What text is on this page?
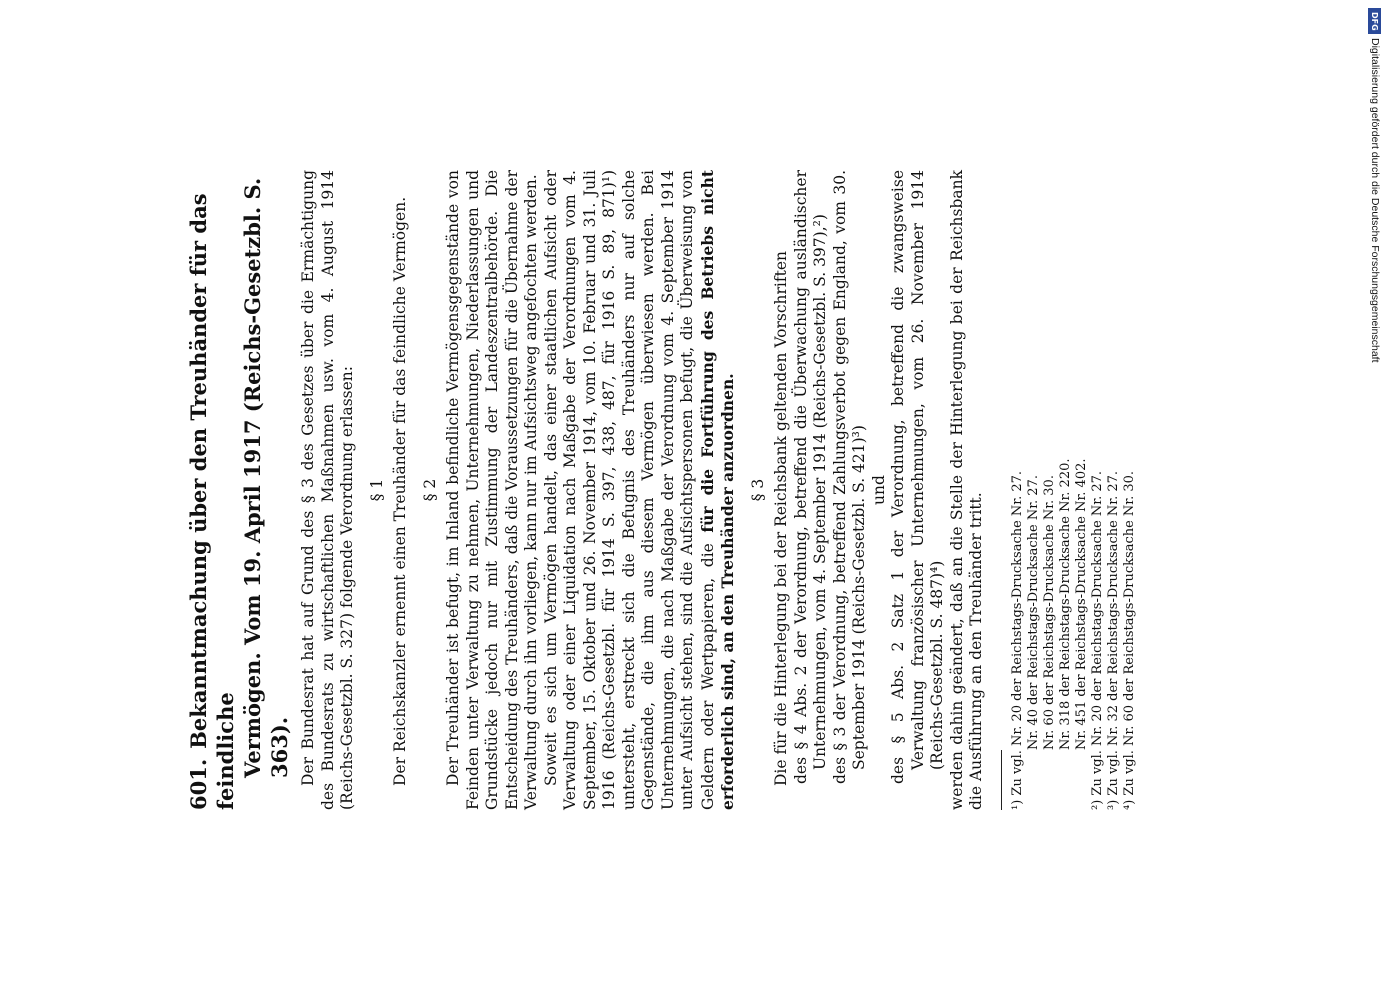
601.Bekanntmachung über den Treuhänder für das feindliche Vermögen. Vom 19. April 1917 (Reichs-Gesetzbl. S. 363). Der Bundesrat hat auf Grund des § 3 des Gesetzes über die Ermächtigung des Bundesrats zu wirtschaftlichen Maßnahmen usw. vom 4. August 1914 (Reichs-Gesetzbl. S. 327) folgende Verordnung erlassen: § 1 Der Reichskanzler ernennt einen Treuhänder für das feindliche Vermögen. § 2 Der Treuhänder ist befugt, im Inland befindliche Vermögensgegenstände von Feinden unter Verwaltung zu nehmen, Unternehmungen, Niederlassungen und Grundstücke jedoch nur mit Zustimmung der Landeszentralbehörde. Die Entscheidung des Treuhänders, daß die Voraussetzungen für die Übernahme der Verwaltung durch ihn vorliegen, kann nur im Aufsichtsweg angefochten werden. Soweit es sich um Vermögen handelt, das einer staatlichen Aufsicht oder Verwaltung oder einer Liquidation nach Maßgabe der Verordnungen vom 4. September, 15. Oktober und 26. November 1914, vom 10. Februar und 31. Juli 1916 (Reichs-Gesetzbl. für 1914 S. 397, 438, 487, für 1916 S. 89, 871)¹) untersteht, erstreckt sich die Befugnis des Treuhänders nur auf solche Gegenstände, die ihm aus diesem Vermögen überwiesen werden. Bei Unternehmungen, die nach Maßgabe der Verordnung vom 4. September 1914 unter Aufsicht stehen, sind die Aufsichtspersonen befugt, die Überweisung von Geldern oder Wertpapieren, die für die Fortführung des Betriebs nicht erforderlich sind, an den Treuhänder anzuordnen. § 3 Die für die Hinterlegung bei der Reichsbank geltenden Vorschriften des § 4 Abs. 2 der Verordnung, betreffend die Überwachung ausländischer Unternehmungen, vom 4. September 1914 (Reichs-Gesetzbl. S. 397),²) des § 3 der Verordnung, betreffend Zahlungsverbot gegen England, vom 30. September 1914 (Reichs-Gesetzbl. S. 421)³) und des § 5 Abs. 2 Satz 1 der Verordnung, betreffend die zwangsweise Verwaltung französischer Unternehmungen, vom 26. November 1914 (Reichs-Gesetzbl. S. 487)⁴) werden dahin geändert, daß an die Stelle der Hinterlegung bei der Reichsbank die Ausführung an den Treuhänder tritt. ¹) Zu vgl. Nr. 20 der Reichstags-Drucksache Nr. 27. Nr. 40 der Reichstags-Drucksache Nr. 27. Nr. 60 der Reichstags-Drucksache Nr. 30. Nr. 318 der Reichstags-Drucksache Nr. 220. Nr. 451 der Reichstags-Drucksache Nr. 402.
²) Zu vgl. Nr. 20 der Reichstags-Drucksache Nr. 27.
³) Zu vgl. Nr. 32 der Reichstags-Drucksache Nr. 27.
⁴) Zu vgl. Nr. 60 der Reichstags-Drucksache Nr. 30.
DFG
Digitalisierung gefördert durch die Deutsche Forschungsgemeinschaft
